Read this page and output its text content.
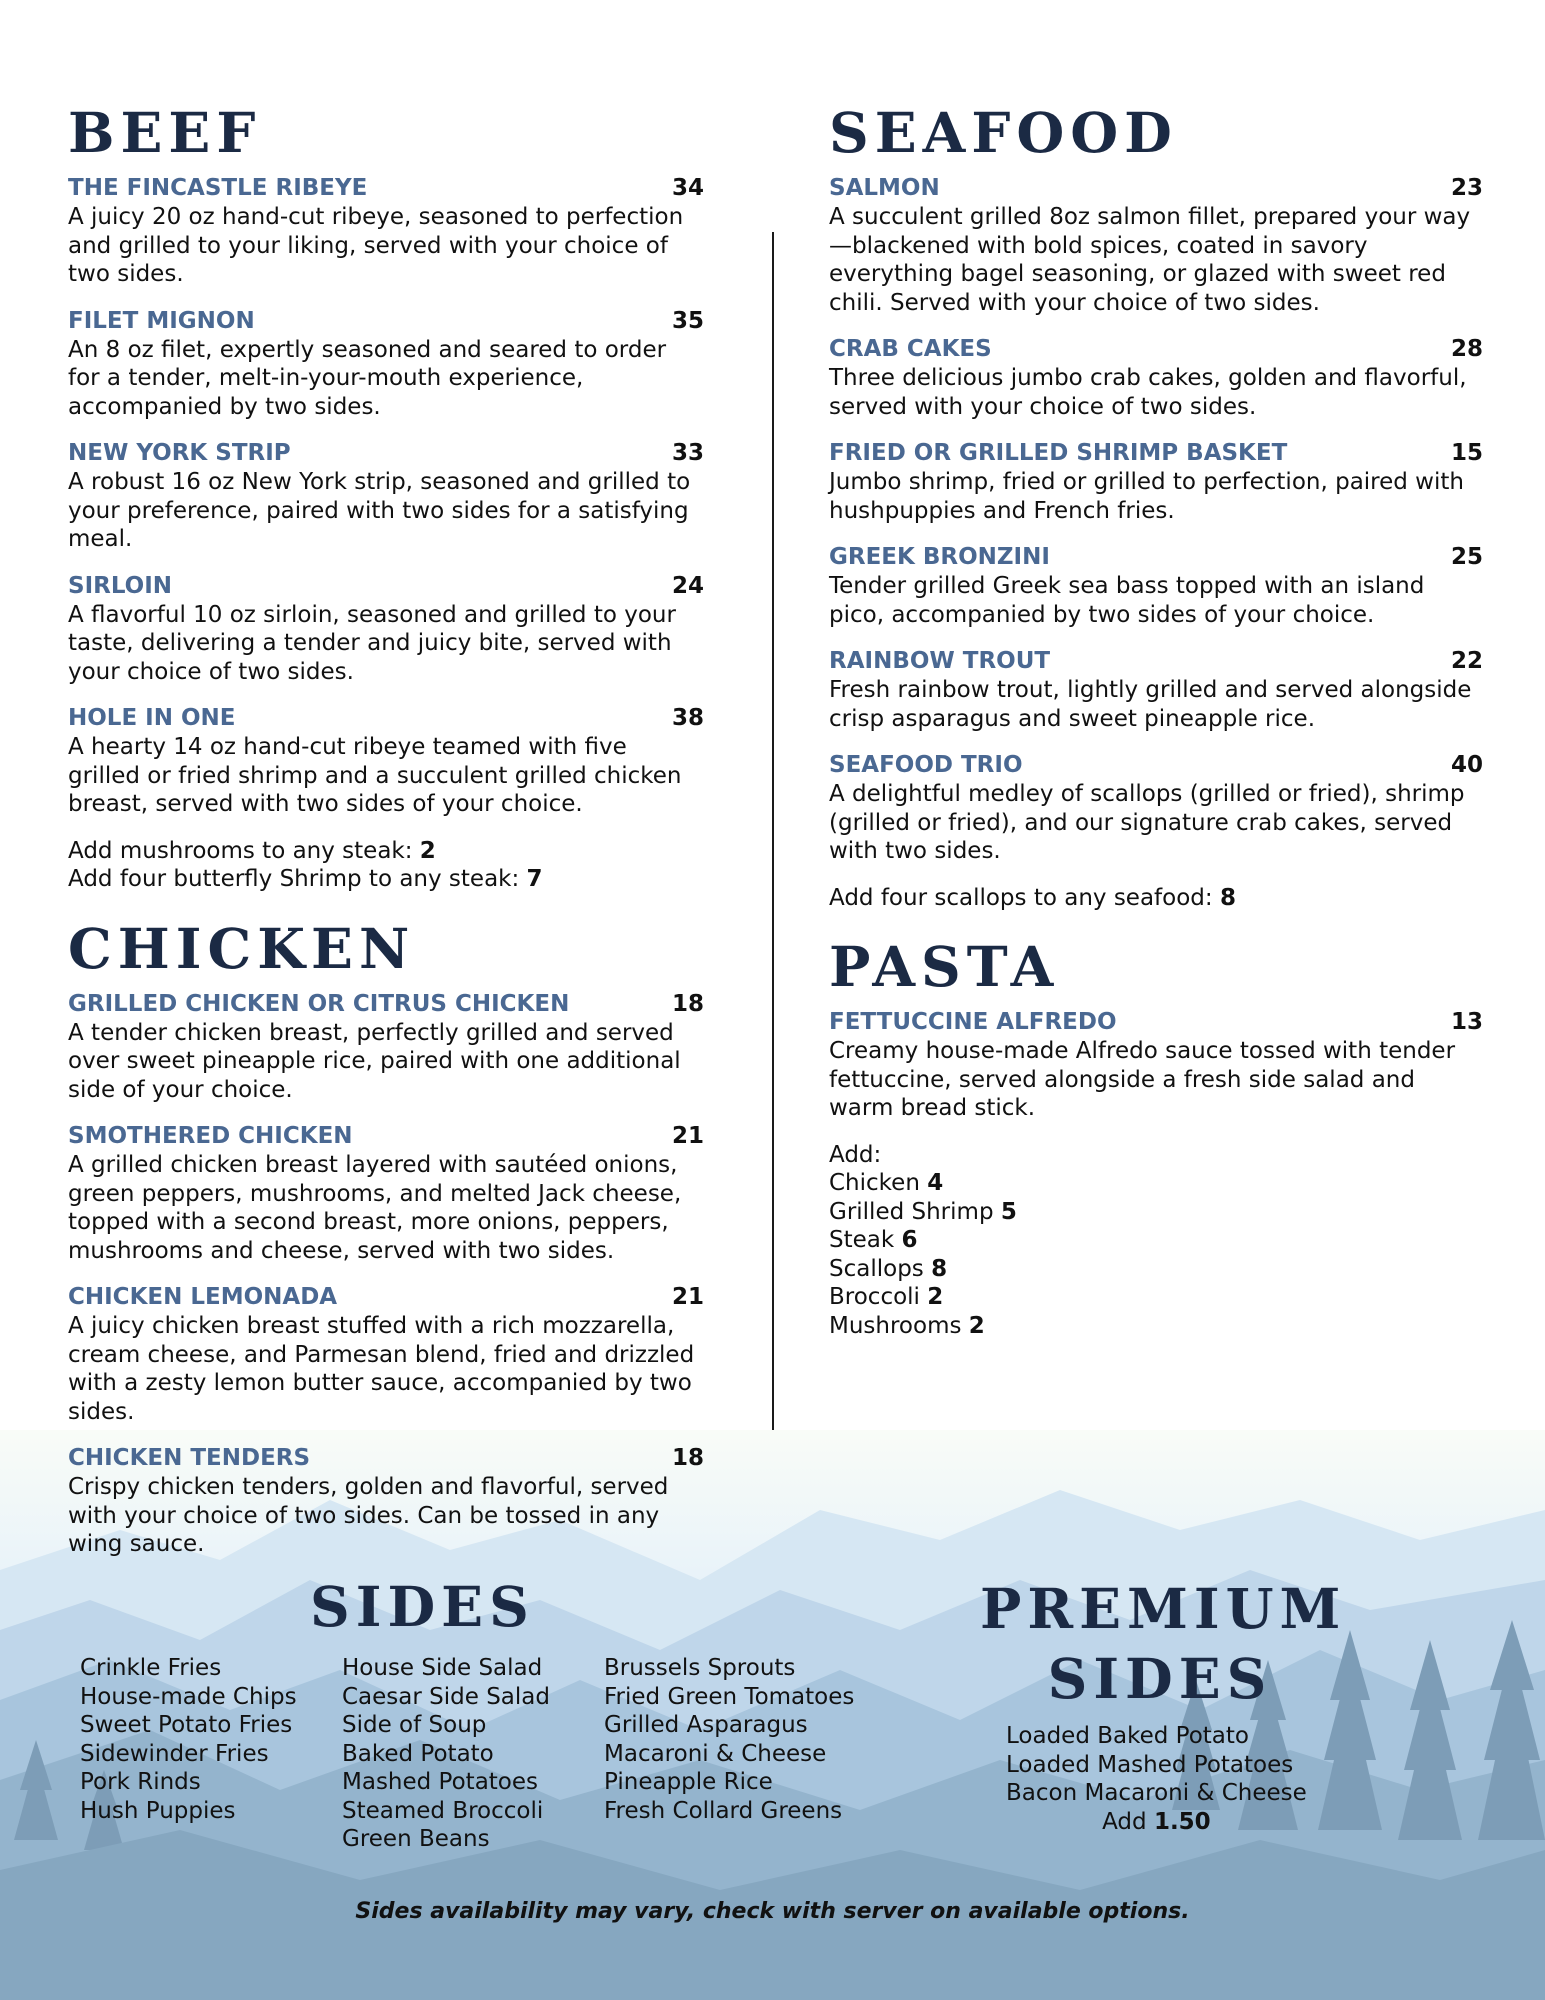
BEEF
THE FINCASTLE RIBEYE	34
A juicy 20 oz hand-cut ribeye, seasoned to perfection and grilled to your liking, served with your choice of two sides.
FILET MIGNON	35
An 8 oz filet, expertly seasoned and seared to order for a tender, melt-in-your-mouth experience, accompanied by two sides.
NEW YORK STRIP	33
A robust 16 oz New York strip, seasoned and grilled to your preference, paired with two sides for a satisfying meal.
SIRLOIN	24
A flavorful 10 oz sirloin, seasoned and grilled to your taste, delivering a tender and juicy bite, served with your choice of two sides.
HOLE IN ONE	38
A hearty 14 oz hand-cut ribeye teamed with five grilled or fried shrimp and a succulent grilled chicken breast, served with two sides of your choice.
Add mushrooms to any steak: 2
Add four butterfly Shrimp to any steak: 7
CHICKEN
GRILLED CHICKEN OR CITRUS CHICKEN	18
A tender chicken breast, perfectly grilled and served over sweet pineapple rice, paired with one additional side of your choice.
SMOTHERED CHICKEN	21
A grilled chicken breast layered with sautéed onions, green peppers, mushrooms, and melted Jack cheese, topped with a second breast, more onions, peppers, mushrooms and cheese, served with two sides.
CHICKEN LEMONADA	21
A juicy chicken breast stuffed with a rich mozzarella, cream cheese, and Parmesan blend, fried and drizzled with a zesty lemon butter sauce, accompanied by two sides.
CHICKEN TENDERS	18
Crispy chicken tenders, golden and flavorful, served with your choice of two sides. Can be tossed in any wing sauce.
SEAFOOD
SALMON	23
A succulent grilled 8oz salmon fillet, prepared your way—blackened with bold spices, coated in savory everything bagel seasoning, or glazed with sweet red chili. Served with your choice of two sides.
CRAB CAKES	28
Three delicious jumbo crab cakes, golden and flavorful, served with your choice of two sides.
FRIED OR GRILLED SHRIMP BASKET	15
Jumbo shrimp, fried or grilled to perfection, paired with hushpuppies and French fries.
GREEK BRONZINI	25
Tender grilled Greek sea bass topped with an island pico, accompanied by two sides of your choice.
RAINBOW TROUT	22
Fresh rainbow trout, lightly grilled and served alongside crisp asparagus and sweet pineapple rice.
SEAFOOD TRIO	40
A delightful medley of scallops (grilled or fried), shrimp (grilled or fried), and our signature crab cakes, served with two sides.
Add four scallops to any seafood: 8
PASTA
FETTUCCINE ALFREDO	13
Creamy house-made Alfredo sauce tossed with tender fettuccine, served alongside a fresh side salad and warm bread stick.
Add:
Chicken 4
Grilled Shrimp 5
Steak 6
Scallops 8
Broccoli 2
Mushrooms 2
SIDES
Crinkle Fries
House-made Chips
Sweet Potato Fries
Sidewinder Fries
Pork Rinds
Hush Puppies
House Side Salad
Caesar Side Salad
Side of Soup
Baked Potato
Mashed Potatoes
Steamed Broccoli
Green Beans
Brussels Sprouts
Fried Green Tomatoes
Grilled Asparagus
Macaroni & Cheese
Pineapple Rice
Fresh Collard Greens
PREMIUM
SIDES
Loaded Baked Potato
Loaded Mashed Potatoes
Bacon Macaroni & Cheese
Add 1.50
Sides availability may vary, check with server on available options.
